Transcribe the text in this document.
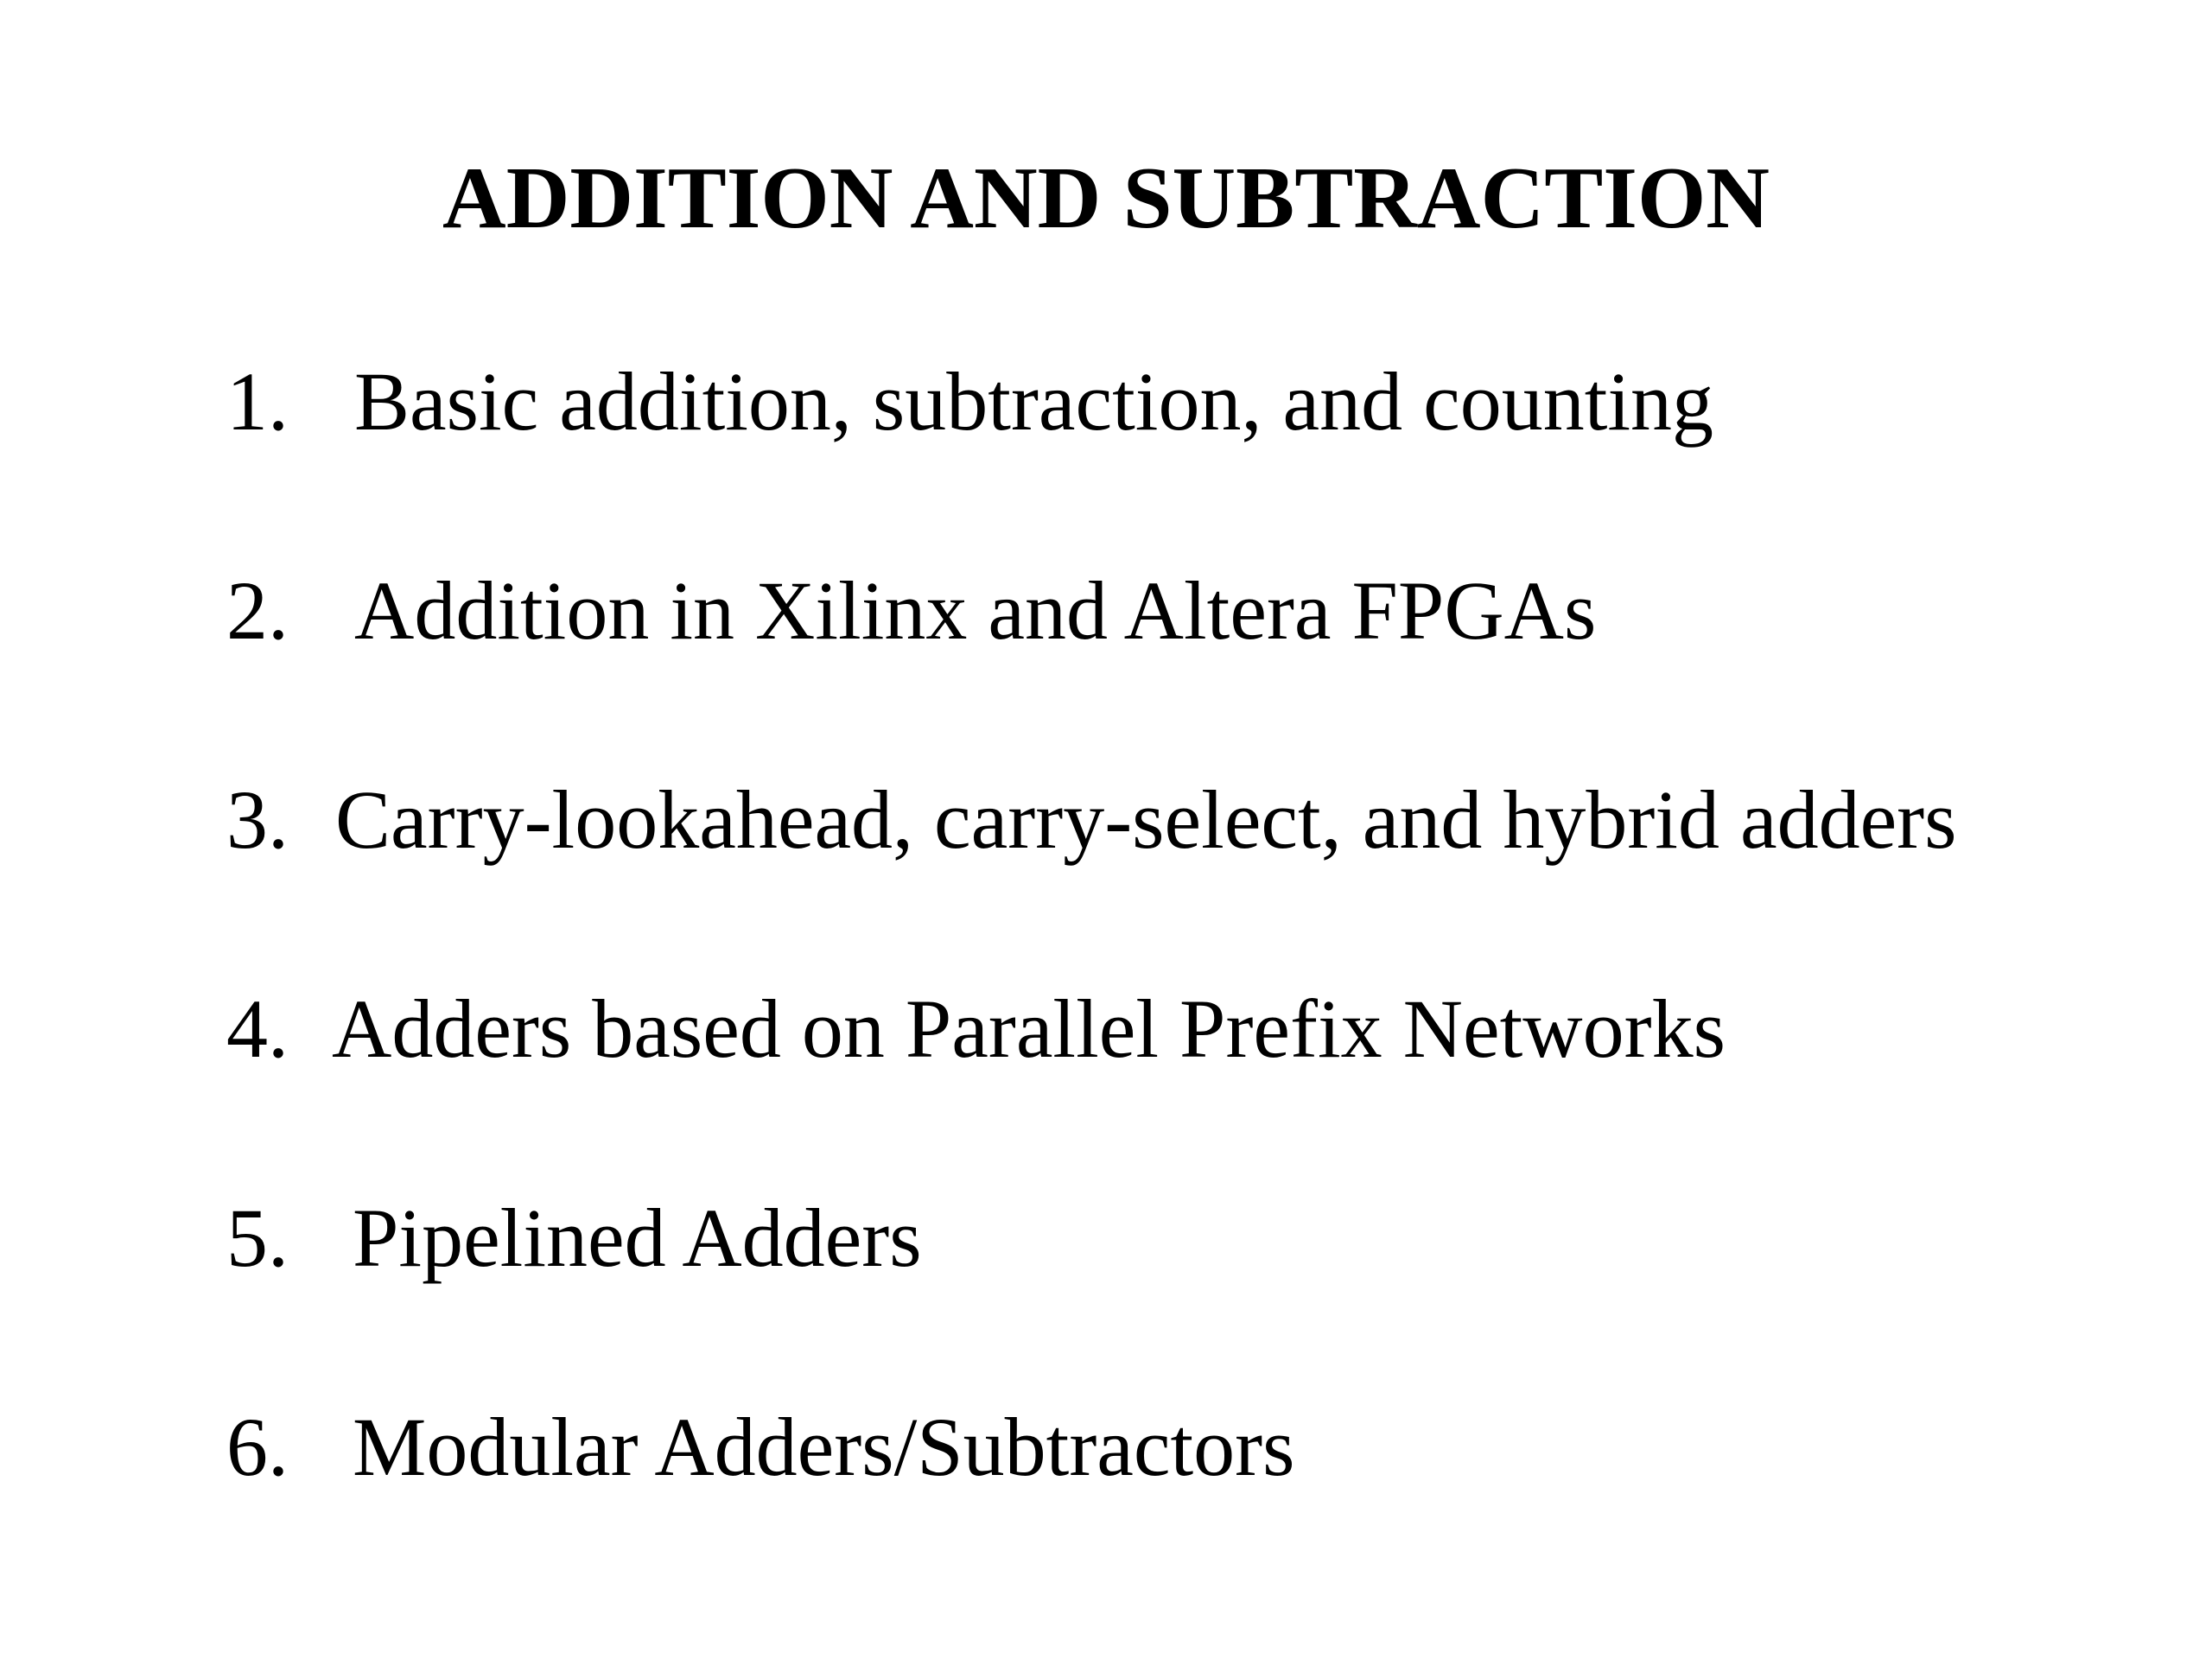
ADDITION AND SUBTRACTION
1. Basic addition, subtraction, and counting
2. Addition in Xilinx and Altera FPGAs
3. Carry-lookahead, carry-select, and hybrid adders
4. Adders based on Parallel Prefix Networks
5. Pipelined Adders
6. Modular Adders/Subtractors
